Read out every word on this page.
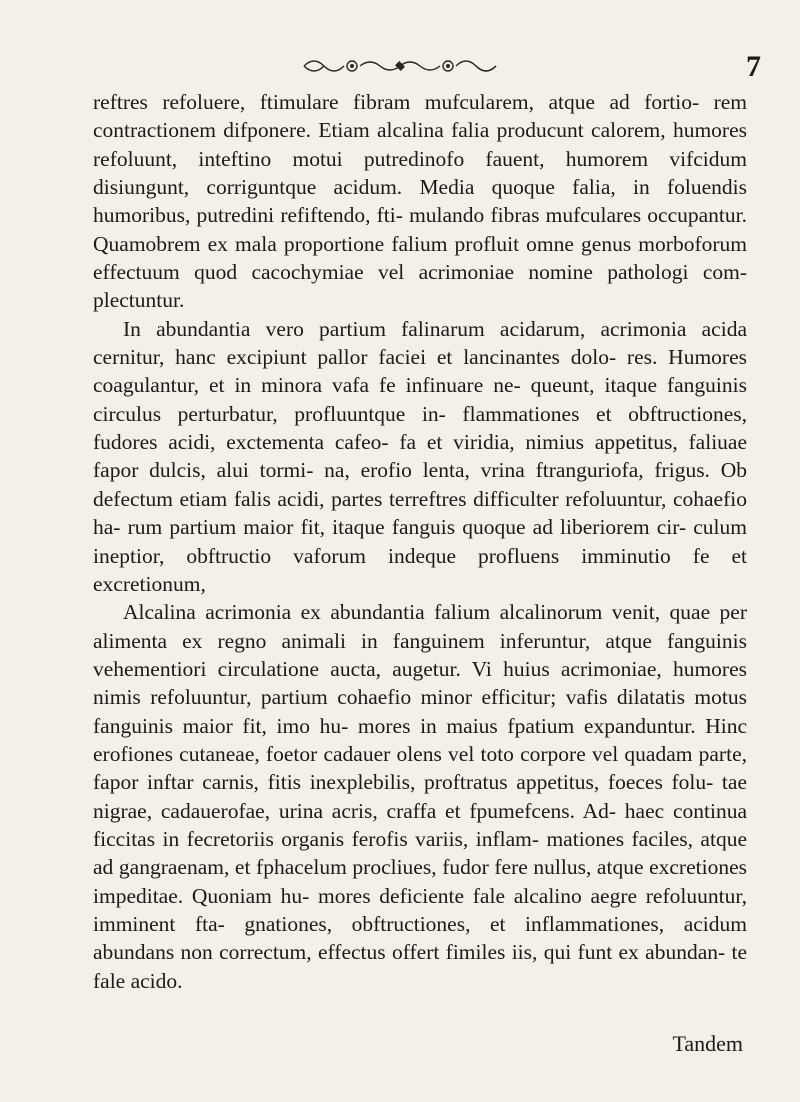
7

reftres refoluere, ftimulare fibram mufcularem, atque ad fortio- rem contractionem difponere. Etiam alcalina falia producunt calorem, humores refoluunt, inteftino motui putredinofo fauent, humorem vifcidum disiungunt, corriguntque acidum. Media quoque falia, in foluendis humoribus, putredini refiftendo, fti- mulando fibras mufculares occupantur. Quamobrem ex mala proportione falium profluit omne genus morboforum effectuum quod cacochymiae vel acrimoniae nomine pathologi com- plectuntur.

In abundantia vero partium falinarum acidarum, acrimonia acida cernitur, hanc excipiunt pallor faciei et lancinantes dolo- res. Humores coagulantur, et in minora vafa fe infinuare ne- queunt, itaque fanguinis circulus perturbatur, profluuntque in- flammationes et obftructiones, fudores acidi, exctementa cafeo- fa et viridia, nimius appetitus, faliuae fapor dulcis, alui tormi- na, erofio lenta, vrina ftranguriofa, frigus. Ob defectum etiam falis acidi, partes terreftres difficulter refoluuntur, cohaefio ha- rum partium maior fit, itaque fanguis quoque ad liberiorem cir- culum ineptior, obftructio vaforum indeque profluens imminutio fe et excretionum,

Alcalina acrimonia ex abundantia falium alcalinorum venit, quae per alimenta ex regno animali in fanguinem inferuntur, atque fanguinis vehementiori circulatione aucta, augetur. Vi huius acrimoniae, humores nimis refoluuntur, partium cohaefio minor efficitur; vafis dilatatis motus fanguinis maior fit, imo hu- mores in maius fpatium expanduntur. Hinc erofiones cutaneae, foetor cadauer olens vel toto corpore vel quadam parte, fapor inftar carnis, fitis inexplebilis, proftratus appetitus, foeces folu- tae nigrae, cadauerofae, urina acris, craffa et fpumefcens. Ad- haec continua ficcitas in fecretoriis organis ferofis variis, inflam- mationes faciles, atque ad gangraenam, et fphacelum procliues, fudor fere nullus, atque excretiones impeditae. Quoniam hu- mores deficiente fale alcalino aegre refoluuntur, imminent fta- gnationes, obftructiones, et inflammationes, acidum abundans non correctum, effectus offert fimiles iis, qui funt ex abundan- te fale acido.

Tandem
